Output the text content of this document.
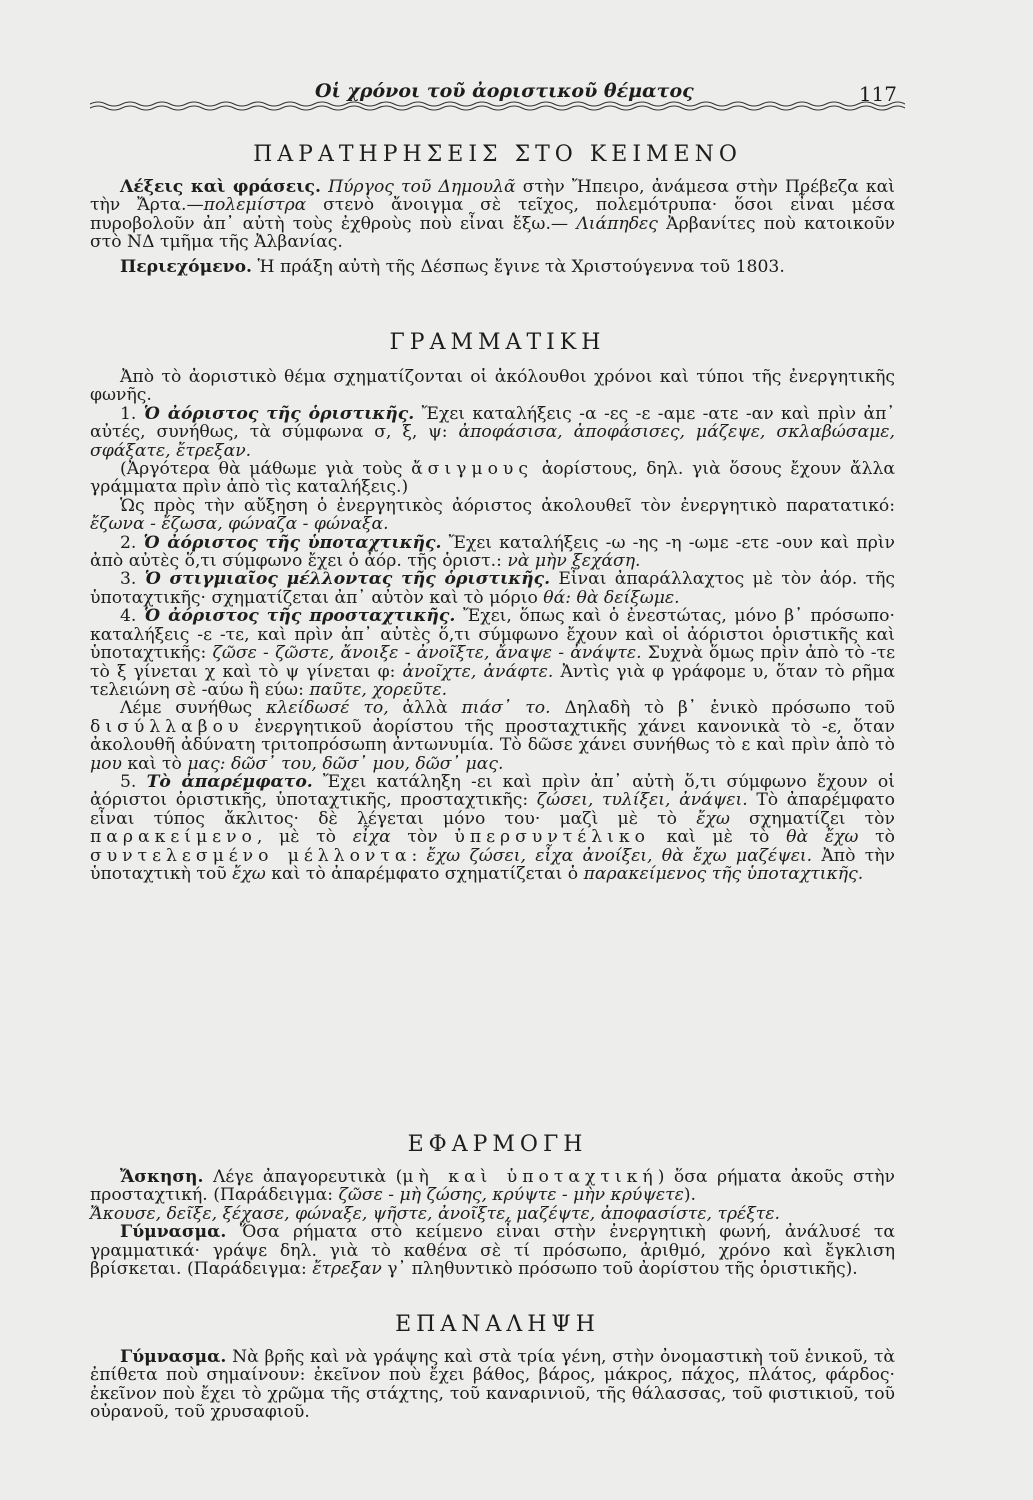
Οἱ χρόνοι τοῦ ἀοριστικοῦ θέματος	117
ΠΑΡΑΤΗΡΗΣΕΙΣ ΣΤΟ ΚΕΙΜΕΝΟ

Λέξεις καὶ φράσεις. Πύργος τοῦ Δημουλᾶ στὴν Ἤπειρο, ἀνάμεσα στὴν Πρέβεζα καὶ τὴν Ἄρτα.—πολεμίστρα στενὸ ἄνοιγμα σὲ τεῖχος, πολεμότρυπα· ὅσοι εἶναι μέσα πυροβολοῦν ἀπ᾽ αὐτὴ τοὺς ἐχθροὺς ποὺ εἶναι ἔξω.— Λιάπηδες Ἀρβανίτες ποὺ κατοικοῦν στὸ ΝΔ τμῆμα τῆς Ἀλβανίας.

Περιεχόμενο. Ἡ πράξη αὐτὴ τῆς Δέσπως ἔγινε τὰ Χριστούγεννα τοῦ 1803.

ΓΡΑΜΜΑΤΙΚΗ

Ἀπὸ τὸ ἀοριστικὸ θέμα σχηματίζονται οἱ ἀκόλουθοι χρόνοι καὶ τύποι τῆς ἐνεργητικῆς φωνῆς.

1. Ὁ ἀόριστος τῆς ὁριστικῆς. Ἔχει καταλήξεις -α -ες -ε -αμε -ατε -αν καὶ πρὶν ἀπ᾽ αὐτές, συνήθως, τὰ σύμφωνα σ, ξ, ψ: ἀποφάσισα, ἀποφάσισες, μάζεψε, σκλαβώσαμε, σφάξατε, ἔτρεξαν.

(Ἀργότερα θὰ μάθωμε γιὰ τοὺς ἄσιγμους ἀορίστους, δηλ. γιὰ ὅσους ἔχουν ἄλλα γράμματα πρὶν ἀπὸ τὶς καταλήξεις.)

Ὡς πρὸς τὴν αὔξηση ὁ ἐνεργητικὸς ἀόριστος ἀκολουθεῖ τὸν ἐνεργητικὸ παρατατικό: ἔζωνα - ἔζωσα, φώναζα - φώναξα.

2. Ὁ ἀόριστος τῆς ὑποταχτικῆς. Ἔχει καταλήξεις -ω -ης -η -ωμε -ετε -ουν καὶ πρὶν ἀπὸ αὐτὲς ὅ,τι σύμφωνο ἔχει ὁ ἀόρ. τῆς ὁριστ.: νὰ μὴν ξεχάση.

3. Ὁ στιγμιαῖος μέλλοντας τῆς ὁριστικῆς. Εἶναι ἀπαράλλαχτος μὲ τὸν ἀόρ. τῆς ὑποταχτικῆς· σχηματίζεται ἀπ᾽ αὐτὸν καὶ τὸ μόριο θά: θὰ δείξωμε.

4. Ὁ ἀόριστος τῆς προσταχτικῆς. Ἔχει, ὅπως καὶ ὁ ἐνεστώτας, μόνο β᾽ πρόσωπο· καταλήξεις -ε -τε, καὶ πρὶν ἀπ᾽ αὐτὲς ὅ,τι σύμφωνο ἔχουν καὶ οἱ ἀόριστοι ὁριστικῆς καὶ ὑποταχτικῆς: ζῶσε - ζῶστε, ἄνοιξε - ἀνοῖξτε, ἄναψε - ἀνάψτε. Συχνὰ ὅμως πρὶν ἀπὸ τὸ -τε τὸ ξ γίνεται χ καὶ τὸ ψ γίνεται φ: ἀνοῖχτε, ἀνάφτε. Ἀντὶς γιὰ φ γράφομε υ, ὅταν τὸ ρῆμα τελειώνη σὲ -αύω ἢ εύω: παῦτε, χορεῦτε.

Λέμε συνήθως κλείδωσέ το, ἀλλὰ πιάσ᾽ το. Δηλαδὴ τὸ β᾽ ἑνικὸ πρόσωπο τοῦ δισύλλαβου ἐνεργητικοῦ ἀορίστου τῆς προσταχτικῆς χάνει κανονικὰ τὸ -ε, ὅταν ἀκολουθῆ ἀδύνατη τριτοπρόσωπη ἀντωνυμία. Τὸ δῶσε χάνει συνήθως τὸ ε καὶ πρὶν ἀπὸ τὸ μου καὶ τὸ μας: δῶσ᾽ του, δῶσ᾽ μου, δῶσ᾽ μας.

5. Τὸ ἀπαρέμφατο. Ἔχει κατάληξη -ει καὶ πρὶν ἀπ᾽ αὐτὴ ὅ,τι σύμφωνο ἔχουν οἱ ἀόριστοι ὁριστικῆς, ὑποταχτικῆς, προσταχτικῆς: ζώσει, τυλίξει, ἀνάψει. Τὸ ἀπαρέμφατο εἶναι τύπος ἄκλιτος· δὲ λέγεται μόνο του· μαζὶ μὲ τὸ ἔχω σχηματίζει τὸν παρακείμενο, μὲ τὸ εἶχα τὸν ὑπερσυντέλικο καὶ μὲ τὸ θὰ ἔχω τὸ συντελεσμένο μέλλοντα: ἔχω ζώσει, εἶχα ἀνοίξει, θὰ ἔχω μαζέψει. Ἀπὸ τὴν ὑποταχτικὴ τοῦ ἔχω καὶ τὸ ἀπαρέμφατο σχηματίζεται ὁ παρακείμενος τῆς ὑποταχτικῆς.

ΕΦΑΡΜΟΓΗ

Ἄσκηση. Λέγε ἀπαγορευτικὰ (μὴ καὶ ὑποταχτική) ὅσα ρήματα ἀκοῦς στὴν προσταχτική. (Παράδειγμα: ζῶσε - μὴ ζώσης, κρύψτε - μὴν κρύψετε).

Ἄκουσε, δεῖξε, ξέχασε, φώναξε, ψῆστε, ἀνοῖξτε, μαζέψτε, ἀποφασίστε, τρέξτε.

Γύμνασμα. Ὅσα ρήματα στὸ κείμενο εἶναι στὴν ἐνεργητικὴ φωνή, ἀνάλυσέ τα γραμματικά· γράψε δηλ. γιὰ τὸ καθένα σὲ τί πρόσωπο, ἀριθμό, χρόνο καὶ ἔγκλιση βρίσκεται. (Παράδειγμα: ἔτρεξαν γ᾽ πληθυντικὸ πρόσωπο τοῦ ἀορίστου τῆς ὁριστικῆς).

ΕΠΑΝΑΛΗΨΗ

Γύμνασμα. Νὰ βρῆς καὶ νὰ γράψης καὶ στὰ τρία γένη, στὴν ὀνομαστικὴ τοῦ ἑνικοῦ, τὰ ἐπίθετα ποὺ σημαίνουν: ἐκεῖνον ποὺ ἔχει βάθος, βάρος, μάκρος, πάχος, πλάτος, φάρδος· ἐκεῖνον ποὺ ἔχει τὸ χρῶμα τῆς στάχτης, τοῦ καναρινιοῦ, τῆς θάλασσας, τοῦ φιστικιοῦ, τοῦ οὐρανοῦ, τοῦ χρυσαφιοῦ.
